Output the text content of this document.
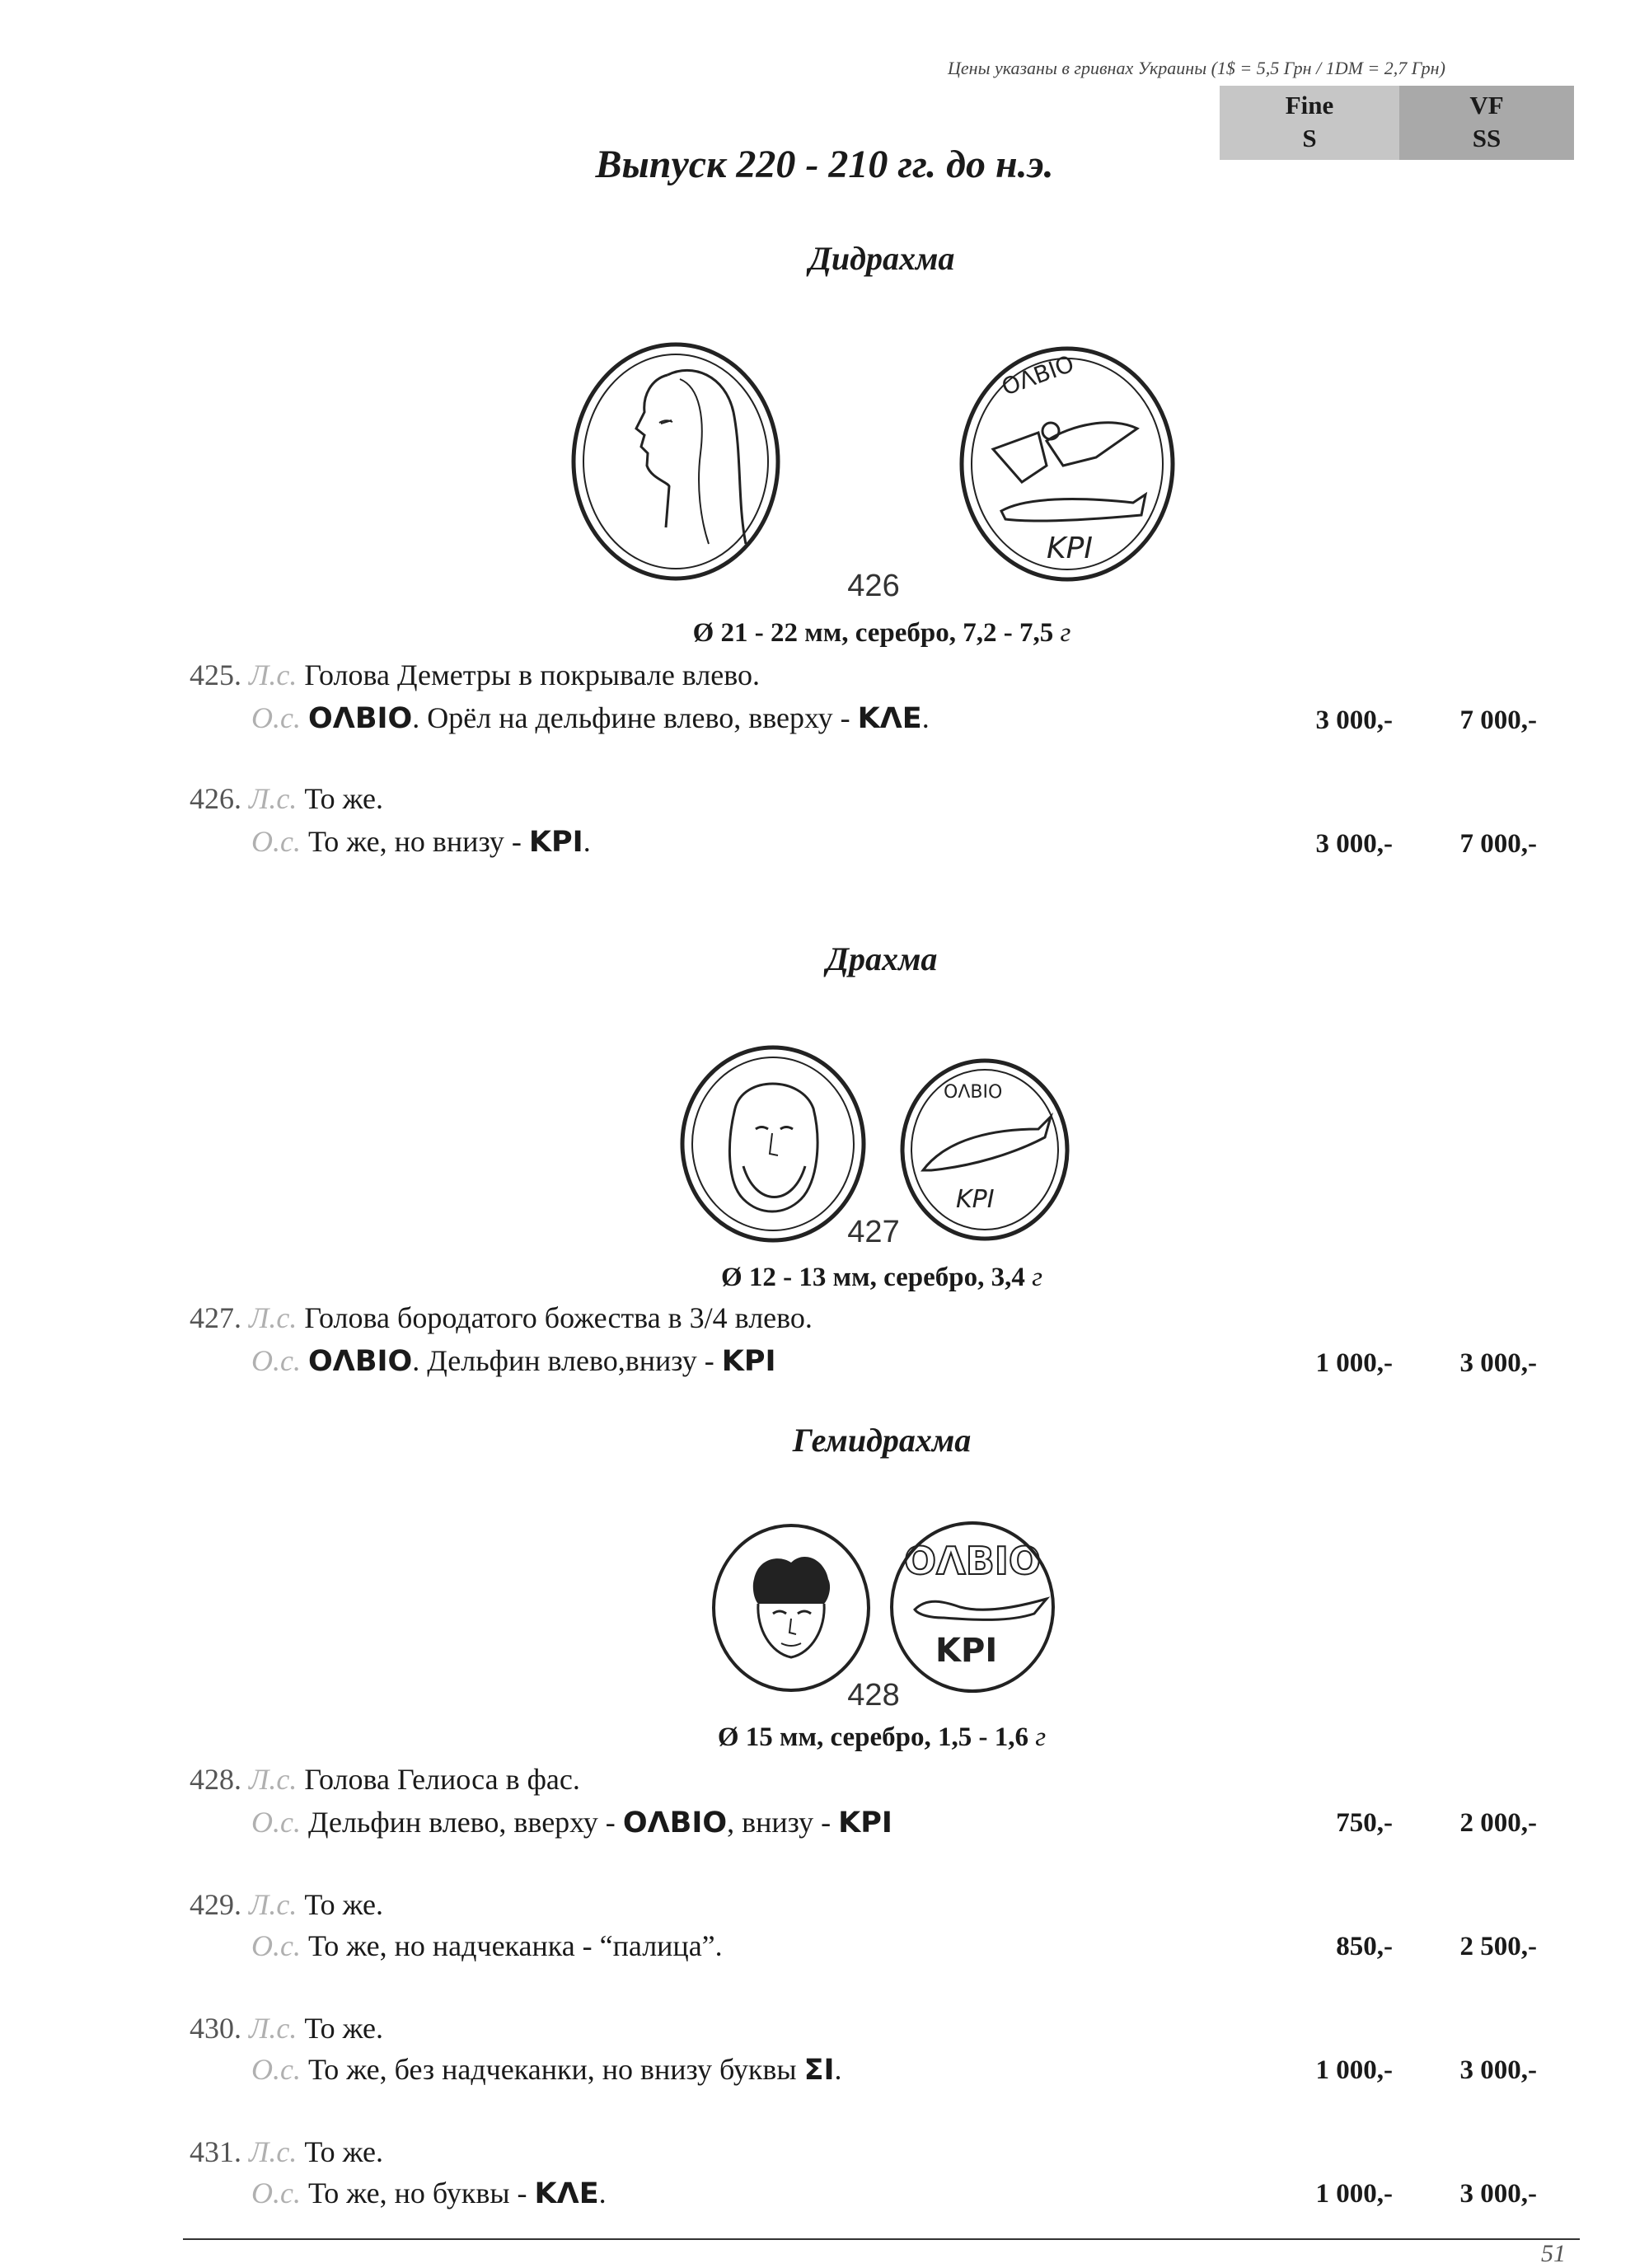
Цены указаны в гривнах Украины (1$ = 5,5 Грн / 1DM = 2,7 Грн)
Fine
S
VF
SS
Выпуск 220 - 210 гг. до н.э.
Дидрахма
ОΛΒΙΟ
ΚΡΙ
426
Ø 21 - 22 мм, серебро, 7,2 - 7,5 г
425. Л.с. Голова Деметры в покрывале влево.
О.с. ΟΛΒΙΟ. Орёл на дельфине влево, вверху - ΚΛΕ.	3 000,-	7 000,-
426. Л.с. То же.
О.с. То же, но внизу - ΚΡΙ.	3 000,-	7 000,-
Драхма
ОΛΒΙΟ
ΚΡΙ
427
Ø 12 - 13 мм, серебро, 3,4 г
427. Л.с. Голова бородатого божества в 3/4 влево.
О.с. ΟΛΒΙΟ. Дельфин влево,внизу - ΚΡΙ	1 000,-	3 000,-
Гемидрахма
ОΛΒΙΟ
ΚΡΙ
428
Ø 15 мм, серебро, 1,5 - 1,6 г
428. Л.с. Голова Гелиоса в фас.
О.с. Дельфин влево, вверху - ΟΛΒΙΟ, внизу - ΚΡΙ	750,-	2 000,-
429. Л.с. То же.
О.с. То же, но надчеканка - “палица”.	850,-	2 500,-
430. Л.с. То же.
О.с. То же, без надчеканки, но внизу буквы ΣΙ.	1 000,-	3 000,-
431. Л.с. То же.
О.с. То же, но буквы - ΚΛΕ.	1 000,-	3 000,-
51
